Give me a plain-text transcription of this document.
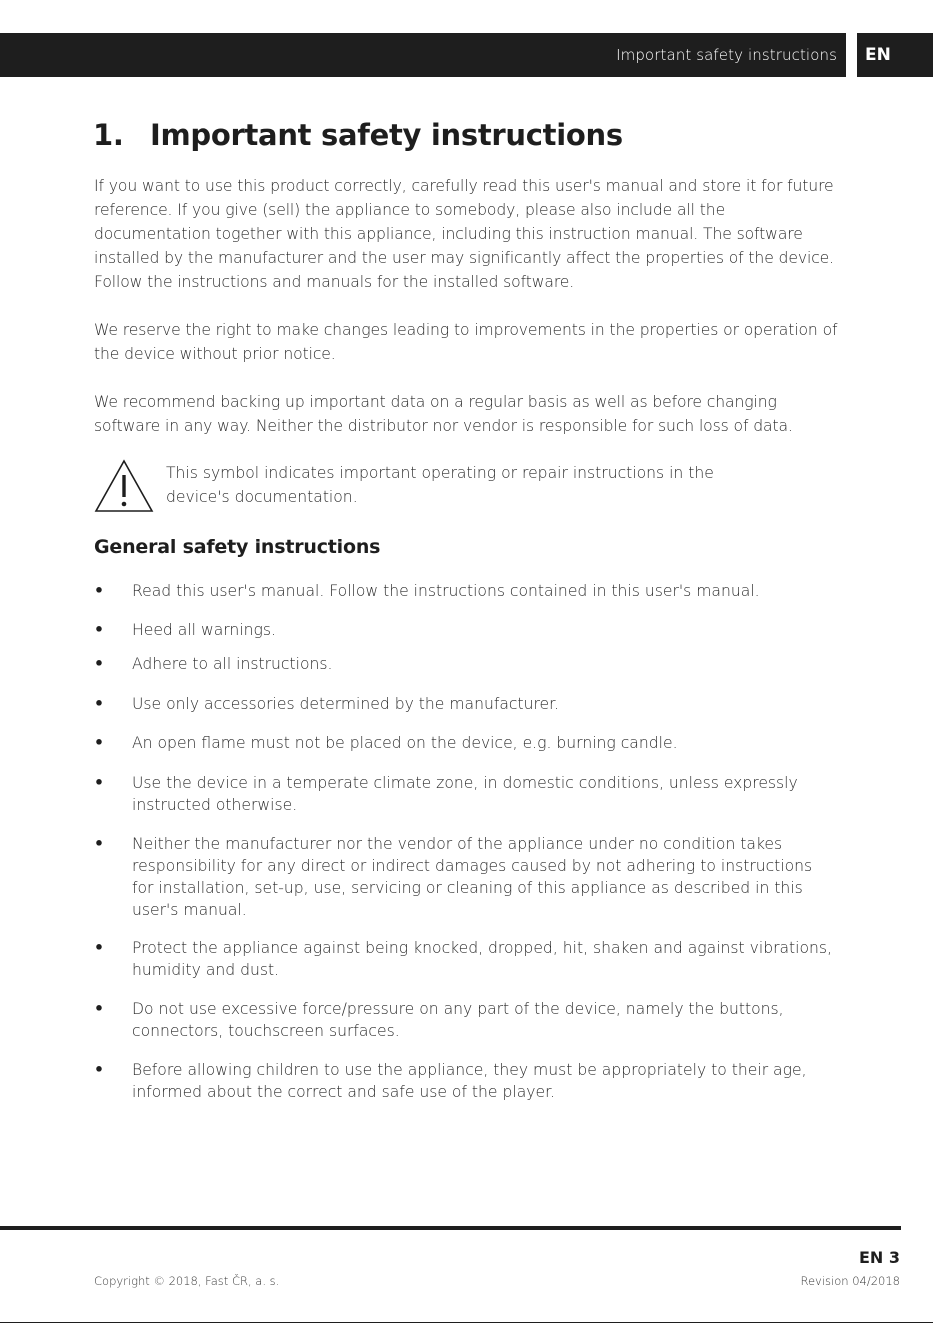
Important safety instructions	EN
1. Important safety instructions

If you want to use this product correctly, carefully read this user's manual and store it for future reference. If you give (sell) the appliance to somebody, please also include all the documentation together with this appliance, including this instruction manual. The software installed by the manufacturer and the user may significantly affect the properties of the device. Follow the instructions and manuals for the installed software.

We reserve the right to make changes leading to improvements in the properties or operation of the device without prior notice.

We recommend backing up important data on a regular basis as well as before changing software in any way. Neither the distributor nor vendor is responsible for such loss of data.

This symbol indicates important operating or repair instructions in the device's documentation.

General safety instructions
• Read this user's manual. Follow the instructions contained in this user's manual.
• Heed all warnings.
• Adhere to all instructions.
• Use only accessories determined by the manufacturer.
• An open flame must not be placed on the device, e.g. burning candle.
• Use the device in a temperate climate zone, in domestic conditions, unless expressly instructed otherwise.
• Neither the manufacturer nor the vendor of the appliance under no condition takes responsibility for any direct or indirect damages caused by not adhering to instructions for installation, set-up, use, servicing or cleaning of this appliance as described in this user's manual.
• Protect the appliance against being knocked, dropped, hit, shaken and against vibrations, humidity and dust.
• Do not use excessive force/pressure on any part of the device, namely the buttons, connectors, touchscreen surfaces.
• Before allowing children to use the appliance, they must be appropriately to their age, informed about the correct and safe use of the player.
EN 3
Copyright © 2018, Fast ČR, a. s.	Revision 04/2018
